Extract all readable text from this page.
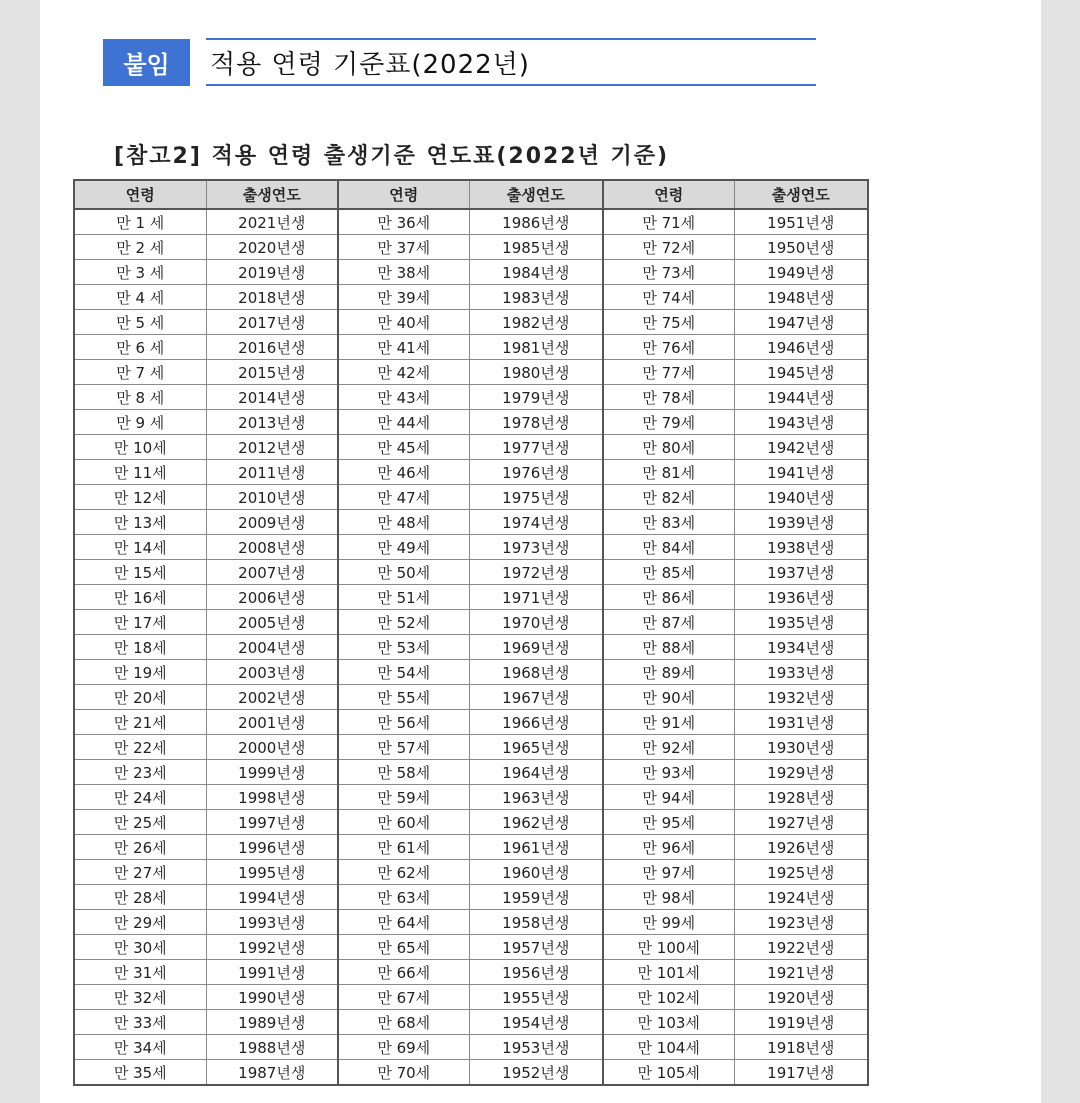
붙임	적용 연령 기준표(2022년)
[참고2] 적용 연령 출생기준 연도표(2022년 기준)
연령	출생연도	연령	출생연도	연령	출생연도
만 1 세	2021년생	만 36세	1986년생	만 71세	1951년생
만 2 세	2020년생	만 37세	1985년생	만 72세	1950년생
만 3 세	2019년생	만 38세	1984년생	만 73세	1949년생
만 4 세	2018년생	만 39세	1983년생	만 74세	1948년생
만 5 세	2017년생	만 40세	1982년생	만 75세	1947년생
만 6 세	2016년생	만 41세	1981년생	만 76세	1946년생
만 7 세	2015년생	만 42세	1980년생	만 77세	1945년생
만 8 세	2014년생	만 43세	1979년생	만 78세	1944년생
만 9 세	2013년생	만 44세	1978년생	만 79세	1943년생
만 10세	2012년생	만 45세	1977년생	만 80세	1942년생
만 11세	2011년생	만 46세	1976년생	만 81세	1941년생
만 12세	2010년생	만 47세	1975년생	만 82세	1940년생
만 13세	2009년생	만 48세	1974년생	만 83세	1939년생
만 14세	2008년생	만 49세	1973년생	만 84세	1938년생
만 15세	2007년생	만 50세	1972년생	만 85세	1937년생
만 16세	2006년생	만 51세	1971년생	만 86세	1936년생
만 17세	2005년생	만 52세	1970년생	만 87세	1935년생
만 18세	2004년생	만 53세	1969년생	만 88세	1934년생
만 19세	2003년생	만 54세	1968년생	만 89세	1933년생
만 20세	2002년생	만 55세	1967년생	만 90세	1932년생
만 21세	2001년생	만 56세	1966년생	만 91세	1931년생
만 22세	2000년생	만 57세	1965년생	만 92세	1930년생
만 23세	1999년생	만 58세	1964년생	만 93세	1929년생
만 24세	1998년생	만 59세	1963년생	만 94세	1928년생
만 25세	1997년생	만 60세	1962년생	만 95세	1927년생
만 26세	1996년생	만 61세	1961년생	만 96세	1926년생
만 27세	1995년생	만 62세	1960년생	만 97세	1925년생
만 28세	1994년생	만 63세	1959년생	만 98세	1924년생
만 29세	1993년생	만 64세	1958년생	만 99세	1923년생
만 30세	1992년생	만 65세	1957년생	만 100세	1922년생
만 31세	1991년생	만 66세	1956년생	만 101세	1921년생
만 32세	1990년생	만 67세	1955년생	만 102세	1920년생
만 33세	1989년생	만 68세	1954년생	만 103세	1919년생
만 34세	1988년생	만 69세	1953년생	만 104세	1918년생
만 35세	1987년생	만 70세	1952년생	만 105세	1917년생
